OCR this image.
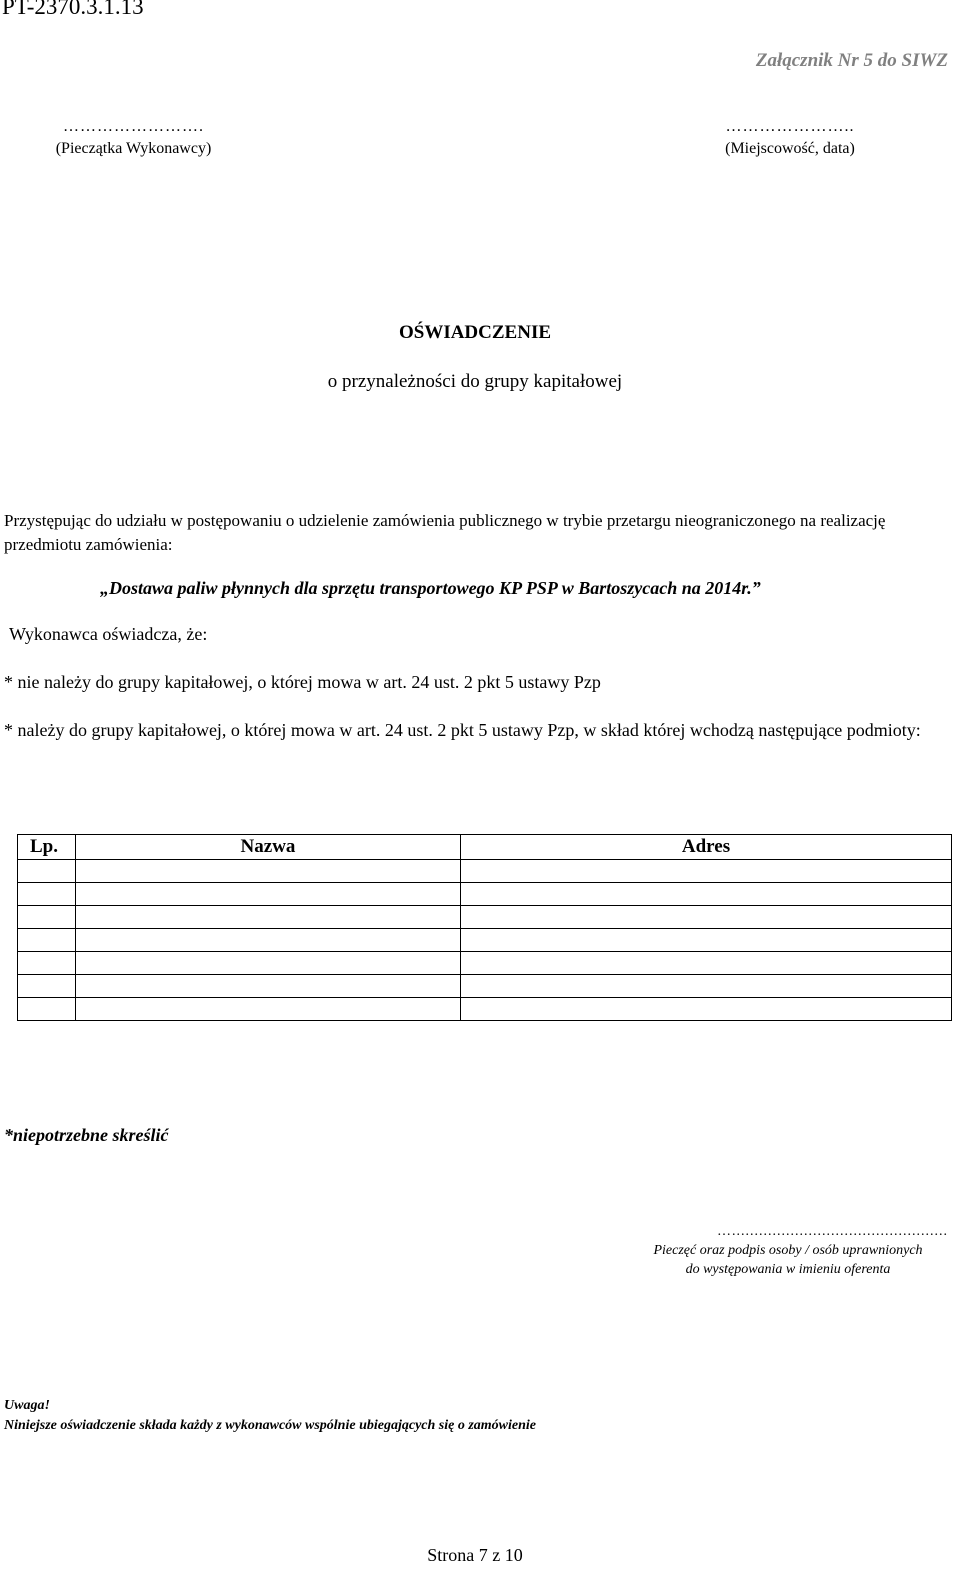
PT-2370.3.1.13
Załącznik Nr 5 do SIWZ
…………………….
(Pieczątka Wykonawcy)
…………………..
(Miejscowość, data)
OŚWIADCZENIE
o przynależności do grupy kapitałowej
Przystępując do udziału w postępowaniu o udzielenie zamówienia publicznego w trybie przetargu nieograniczonego na realizację przedmiotu zamówienia:
„Dostawa paliw płynnych dla sprzętu transportowego KP PSP w Bartoszycach na 2014r.”
Wykonawca oświadcza, że:
* nie należy do grupy kapitałowej, o której mowa w art. 24 ust. 2 pkt 5 ustawy Pzp
* należy do grupy kapitałowej, o której mowa w art. 24 ust. 2 pkt 5 ustawy Pzp, w skład której wchodzą następujące podmioty:
Lp.	Nazwa	Adres

*niepotrzebne skreślić
…................................................
Pieczęć oraz podpis osoby / osób uprawnionych
do występowania w imieniu oferenta
Uwaga!
Niniejsze oświadczenie składa każdy z wykonawców wspólnie ubiegających się o zamówienie
Strona 7 z 10
